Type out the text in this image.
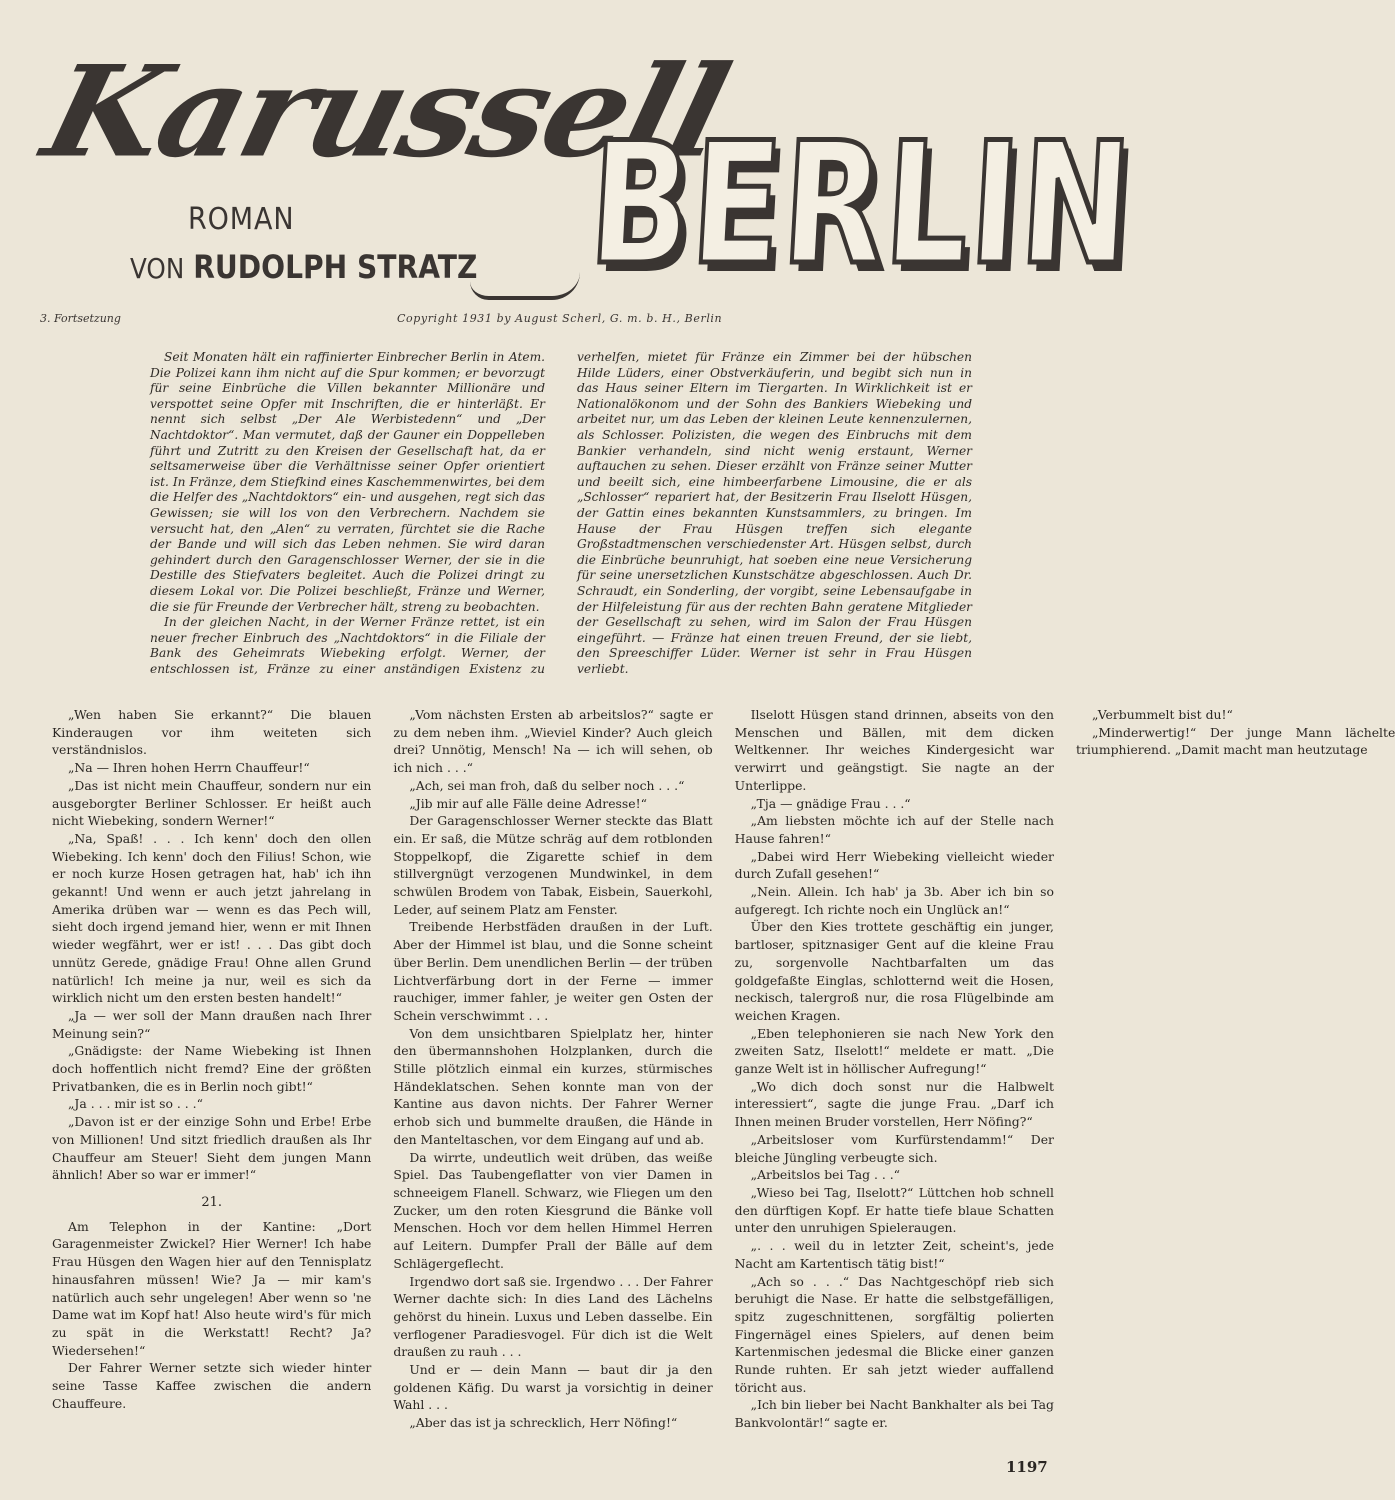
Karussell
BERLIN
ROMAN
VON RUDOLPH STRATZ
3. Fortsetzung	Copyright 1931 by August Scherl, G. m. b. H., Berlin

Seit Monaten hält ein raffinierter Einbrecher Berlin in Atem. Die Polizei kann ihm nicht auf die Spur kommen; er bevorzugt für seine Einbrüche die Villen bekannter Millionäre und verspottet seine Opfer mit Inschriften, die er hinterläßt. Er nennt sich selbst „Der Ale Werbistedenn“ und „Der Nachtdoktor“. Man vermutet, daß der Gauner ein Doppelleben führt und Zutritt zu den Kreisen der Gesellschaft hat, da er seltsamerweise über die Verhältnisse seiner Opfer orientiert ist. In Fränze, dem Stiefkind eines Kaschemmenwirtes, bei dem die Helfer des „Nachtdoktors“ ein- und ausgehen, regt sich das Gewissen; sie will los von den Verbrechern. Nachdem sie versucht hat, den „Alen“ zu verraten, fürchtet sie die Rache der Bande und will sich das Leben nehmen. Sie wird daran gehindert durch den Garagenschlosser Werner, der sie in die Destille des Stiefvaters begleitet. Auch die Polizei dringt zu diesem Lokal vor. Die Polizei beschließt, Fränze und Werner, die sie für Freunde der Verbrecher hält, streng zu beobachten.

In der gleichen Nacht, in der Werner Fränze rettet, ist ein neuer frecher Einbruch des „Nachtdoktors“ in die Filiale der Bank des Geheimrats Wiebeking erfolgt. Werner, der entschlossen ist, Fränze zu einer anständigen Existenz zu verhelfen, mietet für Fränze ein Zimmer bei der hübschen Hilde Lüders, einer Obstverkäuferin, und begibt sich nun in das Haus seiner Eltern im Tiergarten. In Wirklichkeit ist er Nationalökonom und der Sohn des Bankiers Wiebeking und arbeitet nur, um das Leben der kleinen Leute kennenzulernen, als Schlosser. Polizisten, die wegen des Einbruchs mit dem Bankier verhandeln, sind nicht wenig erstaunt, Werner auftauchen zu sehen. Dieser erzählt von Fränze seiner Mutter und beeilt sich, eine himbeerfarbene Limousine, die er als „Schlosser“ repariert hat, der Besitzerin Frau Ilselott Hüsgen, der Gattin eines bekannten Kunstsammlers, zu bringen. Im Hause der Frau Hüsgen treffen sich elegante Großstadtmenschen verschiedenster Art. Hüsgen selbst, durch die Einbrüche beunruhigt, hat soeben eine neue Versicherung für seine unersetzlichen Kunstschätze abgeschlossen. Auch Dr. Schraudt, ein Sonderling, der vorgibt, seine Lebensaufgabe in der Hilfeleistung für aus der rechten Bahn geratene Mitglieder der Gesellschaft zu sehen, wird im Salon der Frau Hüsgen eingeführt. — Fränze hat einen treuen Freund, der sie liebt, den Spreeschiffer Lüder. Werner ist sehr in Frau Hüsgen verliebt.

„Wen haben Sie erkannt?“ Die blauen Kinderaugen vor ihm weiteten sich verständnislos.

„Na — Ihren hohen Herrn Chauffeur!“

„Das ist nicht mein Chauffeur, sondern nur ein ausgeborgter Berliner Schlosser. Er heißt auch nicht Wiebeking, sondern Werner!“

„Na, Spaß! . . . Ich kenn' doch den ollen Wiebeking. Ich kenn' doch den Filius! Schon, wie er noch kurze Hosen getragen hat, hab' ich ihn gekannt! Und wenn er auch jetzt jahrelang in Amerika drüben war — wenn es das Pech will, sieht doch irgend jemand hier, wenn er mit Ihnen wieder wegfährt, wer er ist! . . . Das gibt doch unnütz Gerede, gnädige Frau! Ohne allen Grund natürlich! Ich meine ja nur, weil es sich da wirklich nicht um den ersten besten handelt!“

„Ja — wer soll der Mann draußen nach Ihrer Meinung sein?“

„Gnädigste: der Name Wiebeking ist Ihnen doch hoffentlich nicht fremd? Eine der größten Privatbanken, die es in Berlin noch gibt!“

„Ja . . . mir ist so . . .“

„Davon ist er der einzige Sohn und Erbe! Erbe von Millionen! Und sitzt friedlich draußen als Ihr Chauffeur am Steuer! Sieht dem jungen Mann ähnlich! Aber so war er immer!“

21.

Am Telephon in der Kantine: „Dort Garagenmeister Zwickel? Hier Werner! Ich habe Frau Hüsgen den Wagen hier auf den Tennisplatz hinausfahren müssen! Wie? Ja — mir kam's natürlich auch sehr ungelegen! Aber wenn so 'ne Dame wat im Kopf hat! Also heute wird's für mich zu spät in die Werkstatt! Recht? Ja? Wiedersehen!“

Der Fahrer Werner setzte sich wieder hinter seine Tasse Kaffee zwischen die andern Chauffeure.

„Vom nächsten Ersten ab arbeitslos?“ sagte er zu dem neben ihm. „Wieviel Kinder? Auch gleich drei? Unnötig, Mensch! Na — ich will sehen, ob ich nich . . .“

„Ach, sei man froh, daß du selber noch . . .“

„Jib mir auf alle Fälle deine Adresse!“

Der Garagenschlosser Werner steckte das Blatt ein. Er saß, die Mütze schräg auf dem rotblonden Stoppelkopf, die Zigarette schief in dem stillvergnügt verzogenen Mundwinkel, in dem schwülen Brodem von Tabak, Eisbein, Sauerkohl, Leder, auf seinem Platz am Fenster.

Treibende Herbstfäden draußen in der Luft. Aber der Himmel ist blau, und die Sonne scheint über Berlin. Dem unendlichen Berlin — der trüben Lichtverfärbung dort in der Ferne — immer rauchiger, immer fahler, je weiter gen Osten der Schein verschwimmt . . .

Von dem unsichtbaren Spielplatz her, hinter den übermannshohen Holzplanken, durch die Stille plötzlich einmal ein kurzes, stürmisches Händeklatschen. Sehen konnte man von der Kantine aus davon nichts. Der Fahrer Werner erhob sich und bummelte draußen, die Hände in den Manteltaschen, vor dem Eingang auf und ab.

Da wirrte, undeutlich weit drüben, das weiße Spiel. Das Taubengeflatter von vier Damen in schneeigem Flanell. Schwarz, wie Fliegen um den Zucker, um den roten Kiesgrund die Bänke voll Menschen. Hoch vor dem hellen Himmel Herren auf Leitern. Dumpfer Prall der Bälle auf dem Schlägergeflecht.

Irgendwo dort saß sie. Irgendwo . . . Der Fahrer Werner dachte sich: In dies Land des Lächelns gehörst du hinein. Luxus und Leben dasselbe. Ein verflogener Paradiesvogel. Für dich ist die Welt draußen zu rauh . . .

Und er — dein Mann — baut dir ja den goldenen Käfig. Du warst ja vorsichtig in deiner Wahl . . .

„Aber das ist ja schrecklich, Herr Nöfing!“

Ilselott Hüsgen stand drinnen, abseits von den Menschen und Bällen, mit dem dicken Weltkenner. Ihr weiches Kindergesicht war verwirrt und geängstigt. Sie nagte an der Unterlippe.

„Tja — gnädige Frau . . .“

„Am liebsten möchte ich auf der Stelle nach Hause fahren!“

„Dabei wird Herr Wiebeking vielleicht wieder durch Zufall gesehen!“

„Nein. Allein. Ich hab' ja 3b. Aber ich bin so aufgeregt. Ich richte noch ein Unglück an!“

Über den Kies trottete geschäftig ein junger, bartloser, spitznasiger Gent auf die kleine Frau zu, sorgenvolle Nachtbarfalten um das goldgefaßte Einglas, schlotternd weit die Hosen, neckisch, talergroß nur, die rosa Flügelbinde am weichen Kragen.

„Eben telephonieren sie nach New York den zweiten Satz, Ilselott!“ meldete er matt. „Die ganze Welt ist in höllischer Aufregung!“

„Wo dich doch sonst nur die Halbwelt interessiert“, sagte die junge Frau. „Darf ich Ihnen meinen Bruder vorstellen, Herr Nöfing?“

„Arbeitsloser vom Kurfürstendamm!“ Der bleiche Jüngling verbeugte sich.

„Arbeitslos bei Tag . . .“

„Wieso bei Tag, Ilselott?“ Lüttchen hob schnell den dürftigen Kopf. Er hatte tiefe blaue Schatten unter den unruhigen Spieleraugen.

„. . . weil du in letzter Zeit, scheint's, jede Nacht am Kartentisch tätig bist!“

„Ach so . . .“ Das Nachtgeschöpf rieb sich beruhigt die Nase. Er hatte die selbstgefälligen, spitz zugeschnittenen, sorgfältig polierten Fingernägel eines Spielers, auf denen beim Kartenmischen jedesmal die Blicke einer ganzen Runde ruhten. Er sah jetzt wieder auffallend töricht aus.

„Ich bin lieber bei Nacht Bankhalter als bei Tag Bankvolontär!“ sagte er.

„Verbummelt bist du!“

„Minderwertig!“ Der junge Mann lächelte triumphierend. „Damit macht man heutzutage

1197
